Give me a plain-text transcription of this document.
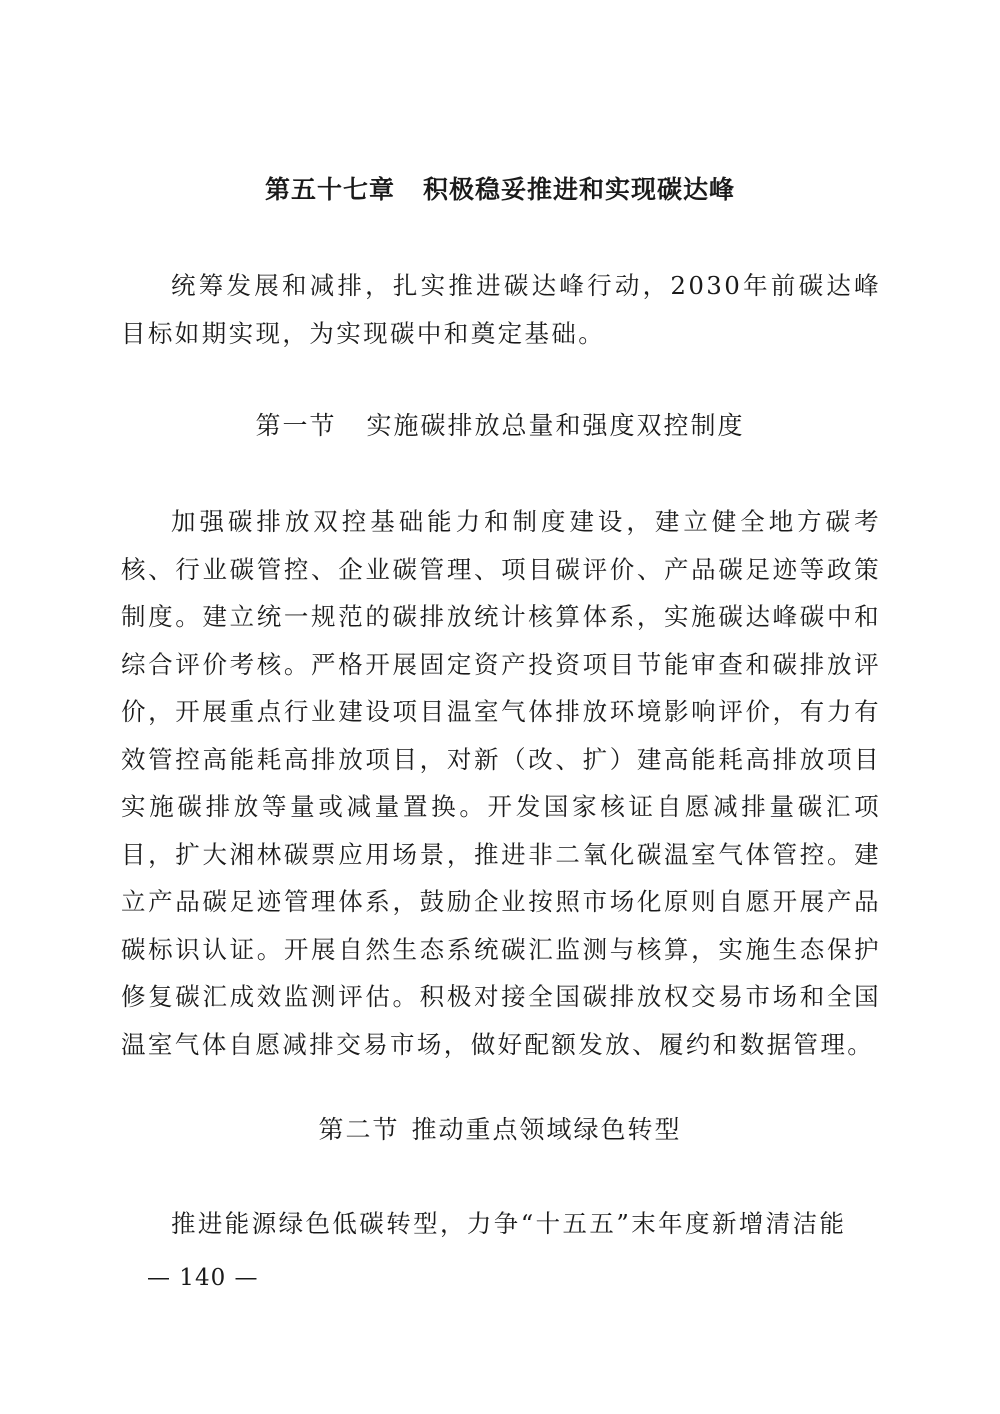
第五十七章 积极稳妥推进和实现碳达峰

统筹发展和减排，扎实推进碳达峰行动，2030年前碳达峰目标如期实现，为实现碳中和奠定基础。

第一节 实施碳排放总量和强度双控制度

加强碳排放双控基础能力和制度建设，建立健全地方碳考核、行业碳管控、企业碳管理、项目碳评价、产品碳足迹等政策制度。建立统一规范的碳排放统计核算体系，实施碳达峰碳中和综合评价考核。严格开展固定资产投资项目节能审查和碳排放评价，开展重点行业建设项目温室气体排放环境影响评价，有力有效管控高能耗高排放项目，对新（改、扩）建高能耗高排放项目实施碳排放等量或减量置换。开发国家核证自愿减排量碳汇项目，扩大湘林碳票应用场景，推进非二氧化碳温室气体管控。建立产品碳足迹管理体系，鼓励企业按照市场化原则自愿开展产品碳标识认证。开展自然生态系统碳汇监测与核算，实施生态保护修复碳汇成效监测评估。积极对接全国碳排放权交易市场和全国温室气体自愿减排交易市场，做好配额发放、履约和数据管理。

第二节 推动重点领域绿色转型

推进能源绿色低碳转型，力争“十五五”末年度新增清洁能

— 140 —
